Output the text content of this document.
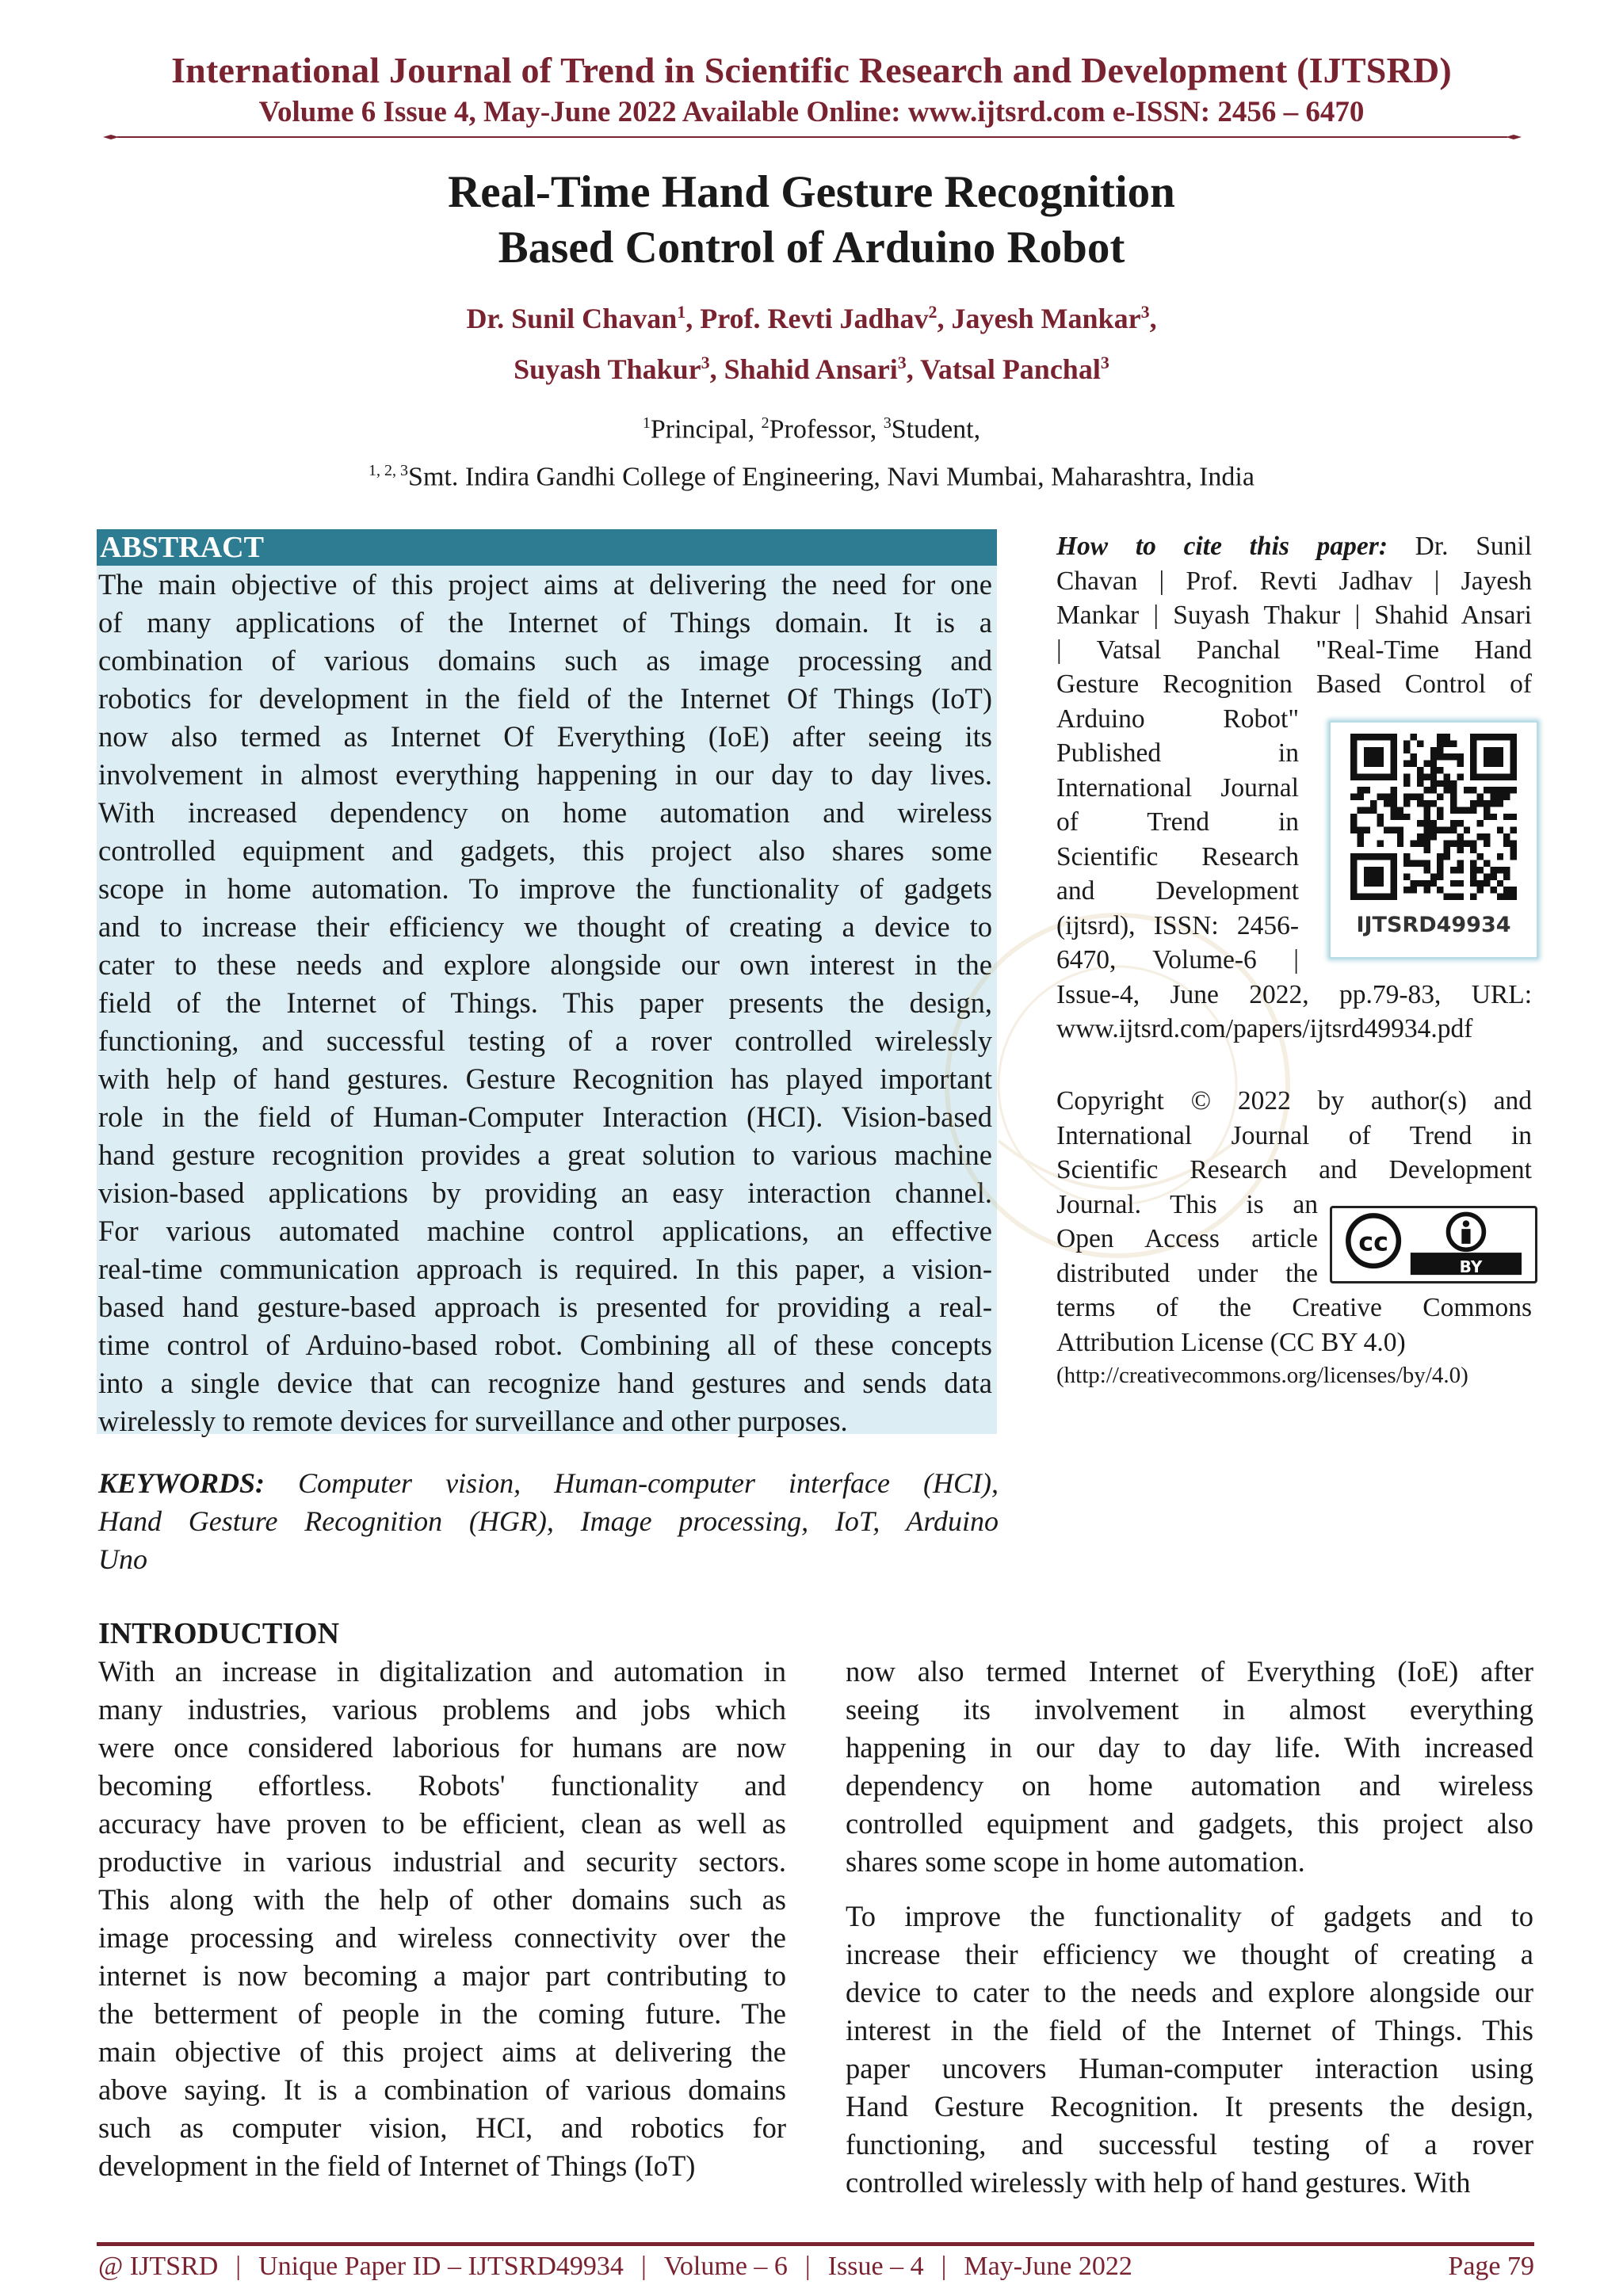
International Journal of Trend in Scientific Research and Development (IJTSRD)
Volume 6 Issue 4, May-June 2022 Available Online: www.ijtsrd.com e-ISSN: 2456 – 6470
Real-Time Hand Gesture Recognition
Based Control of Arduino Robot
Dr. Sunil Chavan$^1$, Prof. Revti Jadhav$^2$, Jayesh Mankar$^3$,
Suyash Thakur$^3$, Shahid Ansari$^3$, Vatsal Panchal$^3$
$^1$Principal, $^2$Professor, $^3$Student,
$^{1, 2, 3}$Smt. Indira Gandhi College of Engineering, Navi Mumbai, Maharashtra, India
ABSTRACT
The main objective of this project aims at delivering the need for one
of many applications of the Internet of Things domain. It is a
combination of various domains such as image processing and
robotics for development in the field of the Internet Of Things (IoT)
now also termed as Internet Of Everything (IoE) after seeing its
involvement in almost everything happening in our day to day lives.
With increased dependency on home automation and wireless
controlled equipment and gadgets, this project also shares some
scope in home automation. To improve the functionality of gadgets
and to increase their efficiency we thought of creating a device to
cater to these needs and explore alongside our own interest in the
field of the Internet of Things. This paper presents the design,
functioning, and successful testing of a rover controlled wirelessly
with help of hand gestures. Gesture Recognition has played important
role in the field of Human-Computer Interaction (HCI). Vision-based
hand gesture recognition provides a great solution to various machine
vision-based applications by providing an easy interaction channel.
For various automated machine control applications, an effective
real-time communication approach is required. In this paper, a vision-
based hand gesture-based approach is presented for providing a real-
time control of Arduino-based robot. Combining all of these concepts
into a single device that can recognize hand gestures and sends data
wirelessly to remote devices for surveillance and other purposes.
KEYWORDS: Computer vision, Human-computer interface (HCI),
Hand Gesture Recognition (HGR), Image processing, IoT, Arduino
Uno
How to cite this paper: Dr. Sunil
Chavan | Prof. Revti Jadhav | Jayesh
Mankar | Suyash Thakur | Shahid Ansari
| Vatsal Panchal "Real-Time Hand
Gesture Recognition Based Control of
Arduino Robot"
Published in
International Journal
of Trend in
Scientific Research
and Development
(ijtsrd), ISSN: 2456-
6470, Volume-6 |
Issue-4, June 2022, pp.79-83, URL:
www.ijtsrd.com/papers/ijtsrd49934.pdf
IJTSRD49934
Copyright © 2022 by author(s) and
International Journal of Trend in
Scientific Research and Development
Journal. This is an
Open Access article
distributed under the
terms of the Creative Commons
Attribution License (CC BY 4.0)
(http://creativecommons.org/licenses/by/4.0)
cc
BY
INTRODUCTION
With an increase in digitalization and automation in
many industries, various problems and jobs which
were once considered laborious for humans are now
becoming effortless. Robots' functionality and
accuracy have proven to be efficient, clean as well as
productive in various industrial and security sectors.
This along with the help of other domains such as
image processing and wireless connectivity over the
internet is now becoming a major part contributing to
the betterment of people in the coming future. The
main objective of this project aims at delivering the
above saying. It is a combination of various domains
such as computer vision, HCI, and robotics for
development in the field of Internet of Things (IoT)
now also termed Internet of Everything (IoE) after
seeing its involvement in almost everything
happening in our day to day life. With increased
dependency on home automation and wireless
controlled equipment and gadgets, this project also
shares some scope in home automation.
To improve the functionality of gadgets and to
increase their efficiency we thought of creating a
device to cater to the needs and explore alongside our
interest in the field of the Internet of Things. This
paper uncovers Human-computer interaction using
Hand Gesture Recognition. It presents the design,
functioning, and successful testing of a rover
controlled wirelessly with help of hand gestures. With
@ IJTSRD | Unique Paper ID – IJTSRD49934 | Volume – 6 | Issue – 4 | May-June 2022	Page 79
